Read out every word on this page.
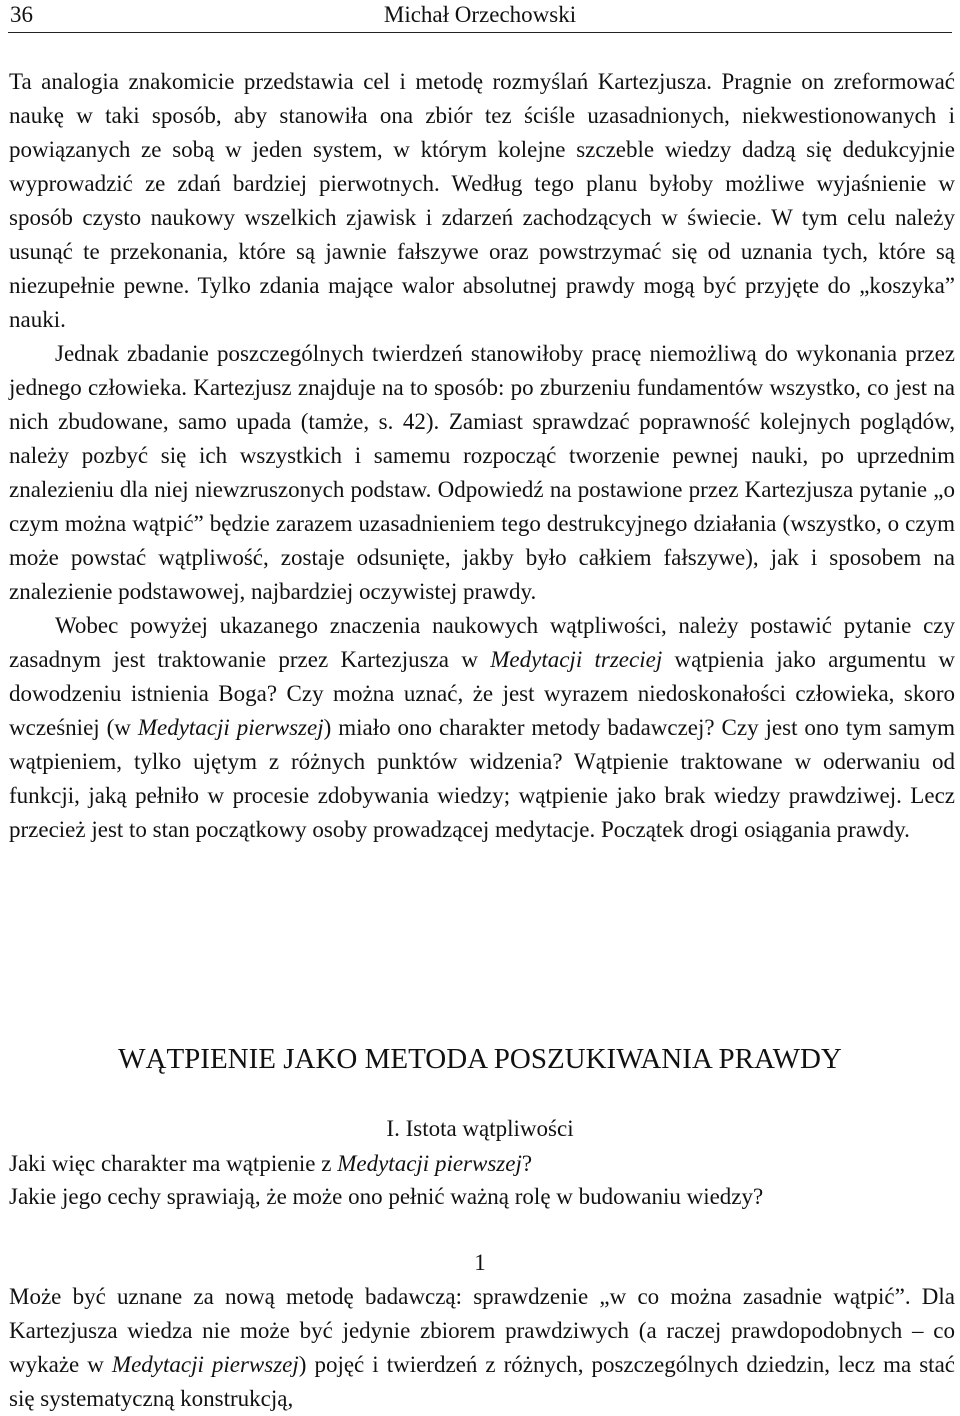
36	Michał Orzechowski

Ta analogia znakomicie przedstawia cel i metodę rozmyślań Kartezjusza. Pragnie on zreformować naukę w taki sposób, aby stanowiła ona zbiór tez ściśle uzasadnionych, niekwestionowanych i powiązanych ze sobą w jeden system, w którym kolejne szczeble wiedzy dadzą się dedukcyjnie wyprowadzić ze zdań bardziej pierwotnych. Według tego planu byłoby możliwe wyjaśnienie w sposób czysto naukowy wszelkich zjawisk i zdarzeń zachodzących w świecie. W tym celu należy usunąć te przekonania, które są jawnie fałszywe oraz powstrzymać się od uznania tych, które są niezupełnie pewne. Tylko zdania mające walor absolutnej prawdy mogą być przyjęte do „koszyka” nauki.

Jednak zbadanie poszczególnych twierdzeń stanowiłoby pracę niemożliwą do wykonania przez jednego człowieka. Kartezjusz znajduje na to sposób: po zburzeniu fundamentów wszystko, co jest na nich zbudowane, samo upada (tamże, s. 42). Zamiast sprawdzać poprawność kolejnych poglądów, należy pozbyć się ich wszystkich i samemu rozpocząć tworzenie pewnej nauki, po uprzednim znalezieniu dla niej niewzruszonych podstaw. Odpowiedź na postawione przez Kartezjusza pytanie „o czym można wątpić” będzie zarazem uzasadnieniem tego destrukcyjnego działania (wszystko, o czym może powstać wątpliwość, zostaje odsunięte, jakby było całkiem fałszywe), jak i sposobem na znalezienie podstawowej, najbardziej oczywistej prawdy.

Wobec powyżej ukazanego znaczenia naukowych wątpliwości, należy postawić pytanie czy zasadnym jest traktowanie przez Kartezjusza w Medytacji trzeciej wątpienia jako argumentu w dowodzeniu istnienia Boga? Czy można uznać, że jest wyrazem niedoskonałości człowieka, skoro wcześniej (w Medytacji pierwszej) miało ono charakter metody badawczej? Czy jest ono tym samym wątpieniem, tylko ujętym z różnych punktów widzenia? Wątpienie traktowane w oderwaniu od funkcji, jaką pełniło w procesie zdobywania wiedzy; wątpienie jako brak wiedzy prawdziwej. Lecz przecież jest to stan początkowy osoby prowadzącej medytacje. Początek drogi osiągania prawdy.

WĄTPIENIE JAKO METODA POSZUKIWANIA PRAWDY
I. Istota wątpliwości
Jaki więc charakter ma wątpienie z Medytacji pierwszej?
Jakie jego cechy sprawiają, że może ono pełnić ważną rolę w budowaniu wiedzy?
1

Może być uznane za nową metodę badawczą: sprawdzenie „w co można zasadnie wątpić”. Dla Kartezjusza wiedza nie może być jedynie zbiorem prawdziwych (a raczej prawdopodobnych – co wykaże w Medytacji pierwszej) pojęć i twierdzeń z różnych, poszczególnych dziedzin, lecz ma stać się systematyczną konstrukcją,
